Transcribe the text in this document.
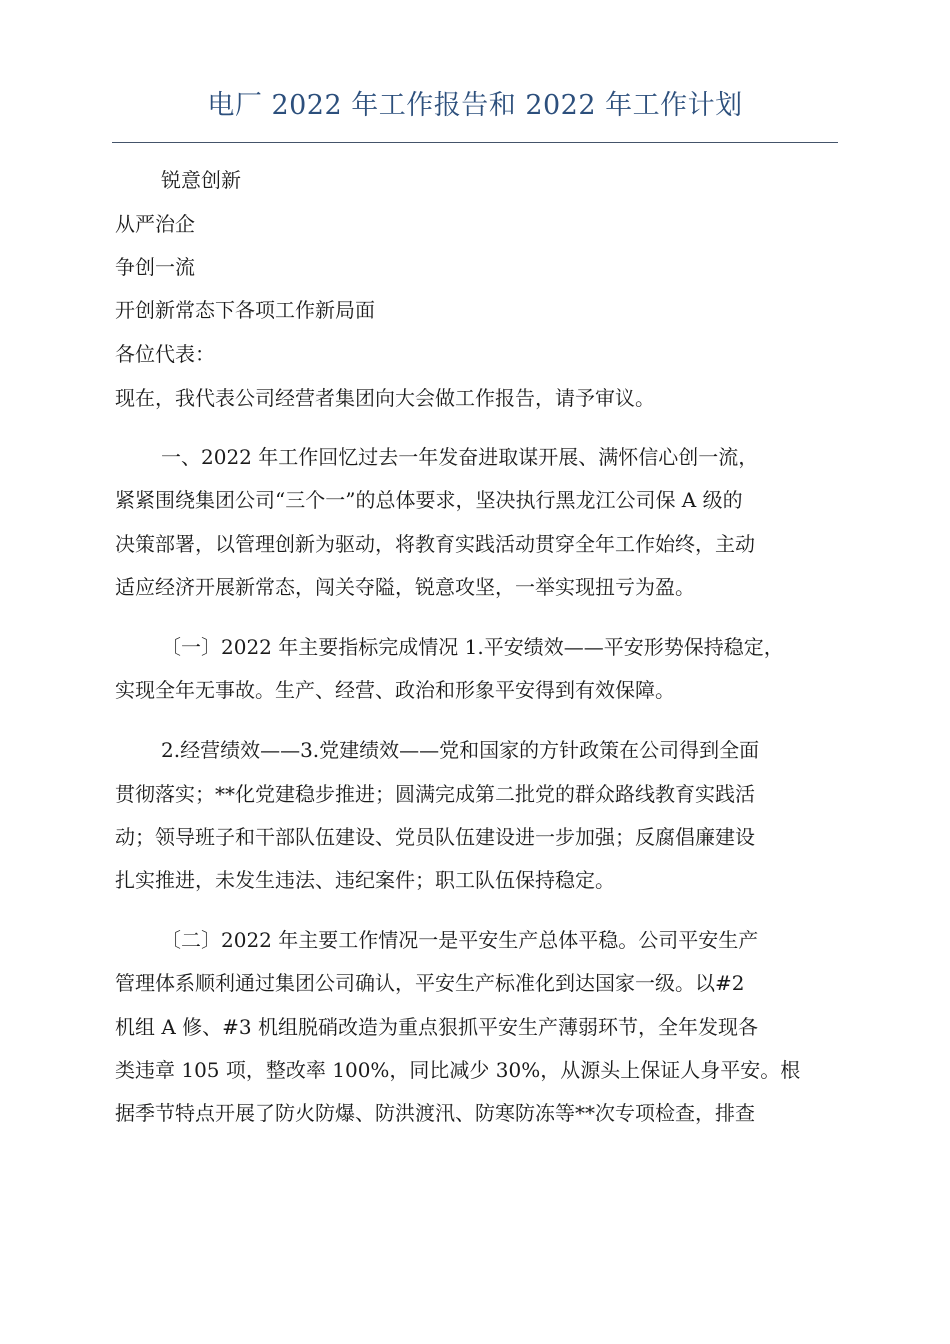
电厂 2022 年工作报告和 2022 年工作计划
锐意创新
从严治企
争创一流
开创新常态下各项工作新局面
各位代表：
现在，我代表公司经营者集团向大会做工作报告，请予审议。
一、2022 年工作回忆过去一年发奋进取谋开展、满怀信心创一流，
紧紧围绕集团公司“三个一”的总体要求，坚决执行黑龙江公司保 A 级的
决策部署，以管理创新为驱动，将教育实践活动贯穿全年工作始终，主动
适应经济开展新常态，闯关夺隘，锐意攻坚，一举实现扭亏为盈。
〔一〕2022 年主要指标完成情况 1.平安绩效——平安形势保持稳定，
实现全年无事故。生产、经营、政治和形象平安得到有效保障。
2.经营绩效——3.党建绩效——党和国家的方针政策在公司得到全面
贯彻落实；**化党建稳步推进；圆满完成第二批党的群众路线教育实践活
动；领导班子和干部队伍建设、党员队伍建设进一步加强；反腐倡廉建设
扎实推进，未发生违法、违纪案件；职工队伍保持稳定。
〔二〕2022 年主要工作情况一是平安生产总体平稳。公司平安生产
管理体系顺利通过集团公司确认，平安生产标准化到达国家一级。以#2
机组 A 修、#3 机组脱硝改造为重点狠抓平安生产薄弱环节，全年发现各
类违章 105 项，整改率 100%，同比减少 30%，从源头上保证人身平安。根
据季节特点开展了防火防爆、防洪渡汛、防寒防冻等**次专项检查，排查
